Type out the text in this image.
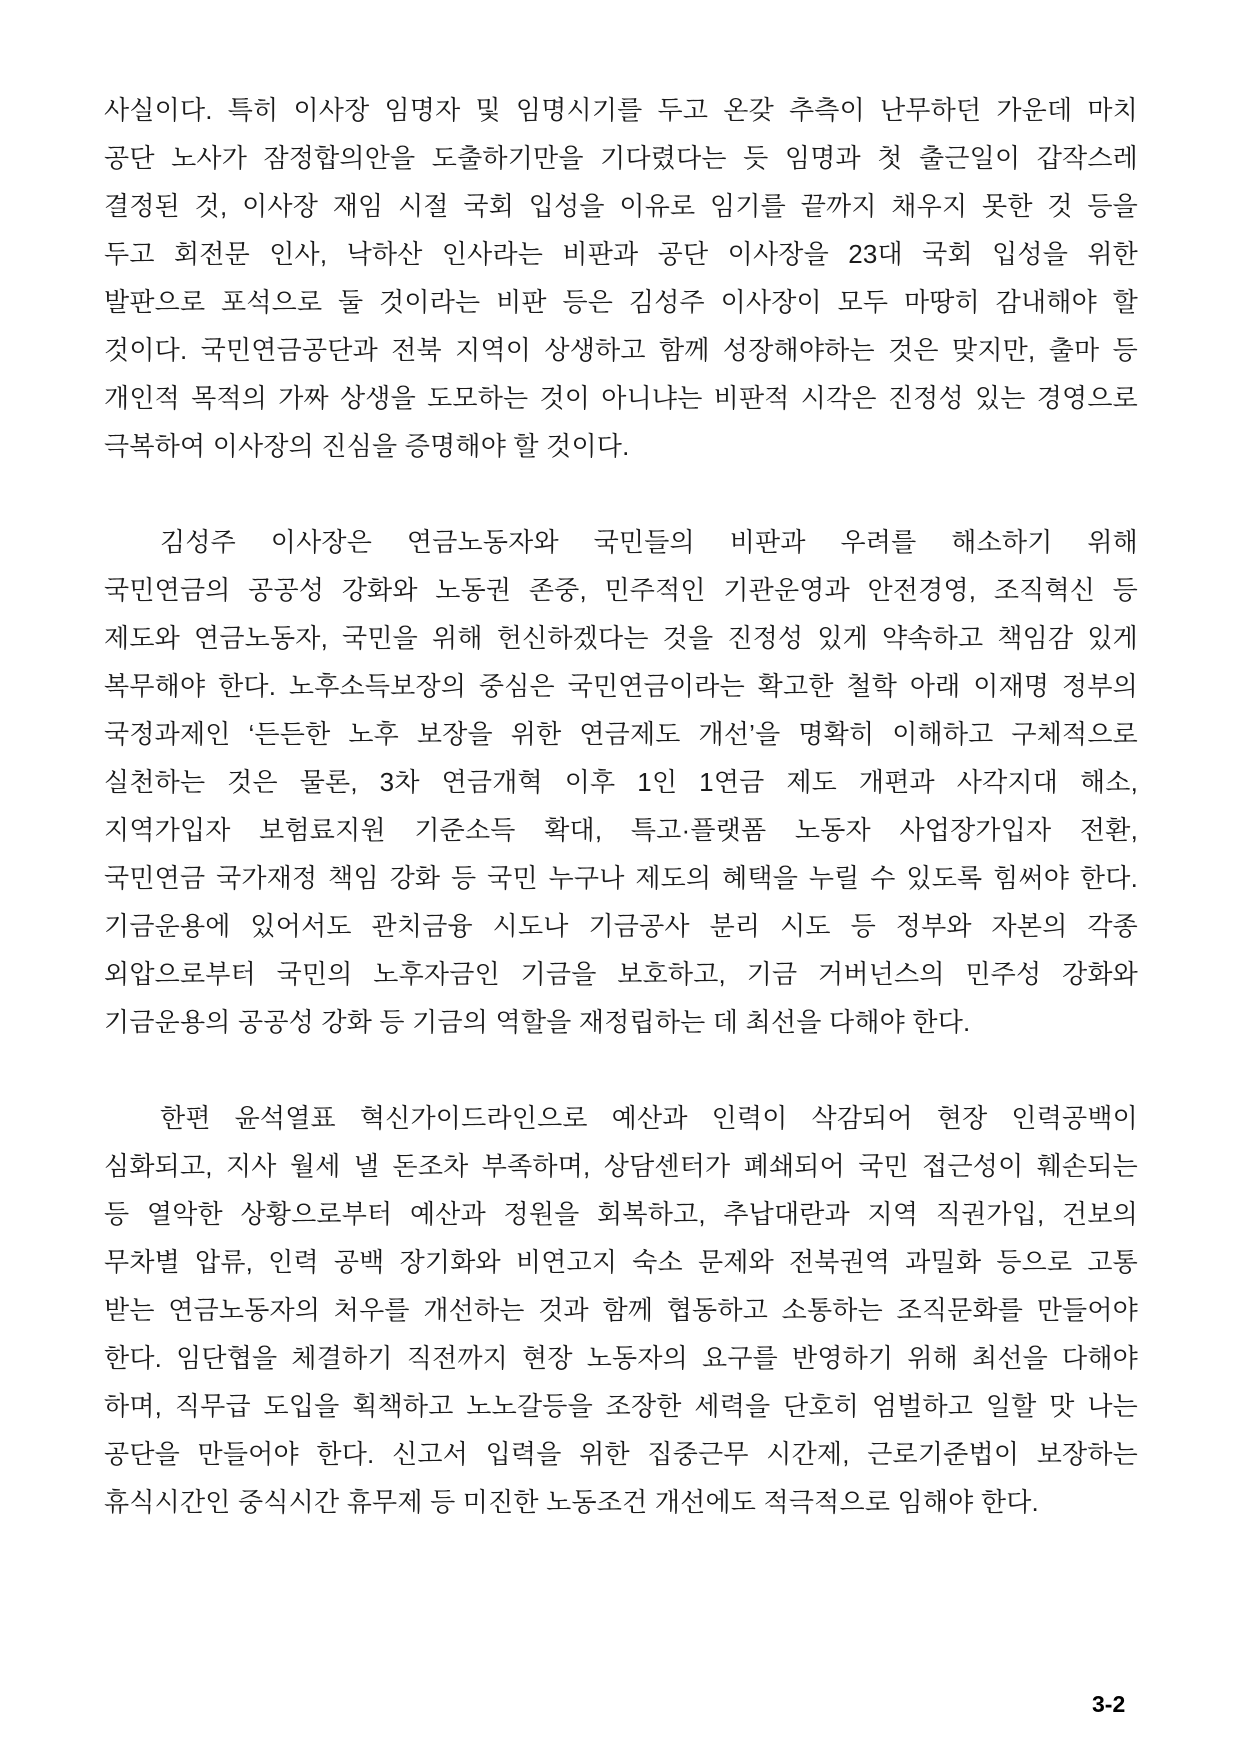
사실이다. 특히 이사장 임명자 및 임명시기를 두고 온갖 추측이 난무하던 가운데 마치
공단 노사가 잠정합의안을 도출하기만을 기다렸다는 듯 임명과 첫 출근일이 갑작스레
결정된 것, 이사장 재임 시절 국회 입성을 이유로 임기를 끝까지 채우지 못한 것 등을
두고 회전문 인사, 낙하산 인사라는 비판과 공단 이사장을 23대 국회 입성을 위한
발판으로 포석으로 둘 것이라는 비판 등은 김성주 이사장이 모두 마땅히 감내해야 할
것이다. 국민연금공단과 전북 지역이 상생하고 함께 성장해야하는 것은 맞지만, 출마 등
개인적 목적의 가짜 상생을 도모하는 것이 아니냐는 비판적 시각은 진정성 있는 경영으로
극복하여 이사장의 진심을 증명해야 할 것이다.
김성주 이사장은 연금노동자와 국민들의 비판과 우려를 해소하기 위해
국민연금의 공공성 강화와 노동권 존중, 민주적인 기관운영과 안전경영, 조직혁신 등
제도와 연금노동자, 국민을 위해 헌신하겠다는 것을 진정성 있게 약속하고 책임감 있게
복무해야 한다. 노후소득보장의 중심은 국민연금이라는 확고한 철학 아래 이재명 정부의
국정과제인 ‘든든한 노후 보장을 위한 연금제도 개선’을 명확히 이해하고 구체적으로
실천하는 것은 물론, 3차 연금개혁 이후 1인 1연금 제도 개편과 사각지대 해소,
지역가입자 보험료지원 기준소득 확대, 특고·플랫폼 노동자 사업장가입자 전환,
국민연금 국가재정 책임 강화 등 국민 누구나 제도의 혜택을 누릴 수 있도록 힘써야 한다.
기금운용에 있어서도 관치금융 시도나 기금공사 분리 시도 등 정부와 자본의 각종
외압으로부터 국민의 노후자금인 기금을 보호하고, 기금 거버넌스의 민주성 강화와
기금운용의 공공성 강화 등 기금의 역할을 재정립하는 데 최선을 다해야 한다.
한편 윤석열표 혁신가이드라인으로 예산과 인력이 삭감되어 현장 인력공백이
심화되고, 지사 월세 낼 돈조차 부족하며, 상담센터가 폐쇄되어 국민 접근성이 훼손되는
등 열악한 상황으로부터 예산과 정원을 회복하고, 추납대란과 지역 직권가입, 건보의
무차별 압류, 인력 공백 장기화와 비연고지 숙소 문제와 전북권역 과밀화 등으로 고통
받는 연금노동자의 처우를 개선하는 것과 함께 협동하고 소통하는 조직문화를 만들어야
한다. 임단협을 체결하기 직전까지 현장 노동자의 요구를 반영하기 위해 최선을 다해야
하며, 직무급 도입을 획책하고 노노갈등을 조장한 세력을 단호히 엄벌하고 일할 맛 나는
공단을 만들어야 한다. 신고서 입력을 위한 집중근무 시간제, 근로기준법이 보장하는
휴식시간인 중식시간 휴무제 등 미진한 노동조건 개선에도 적극적으로 임해야 한다.
3-2
